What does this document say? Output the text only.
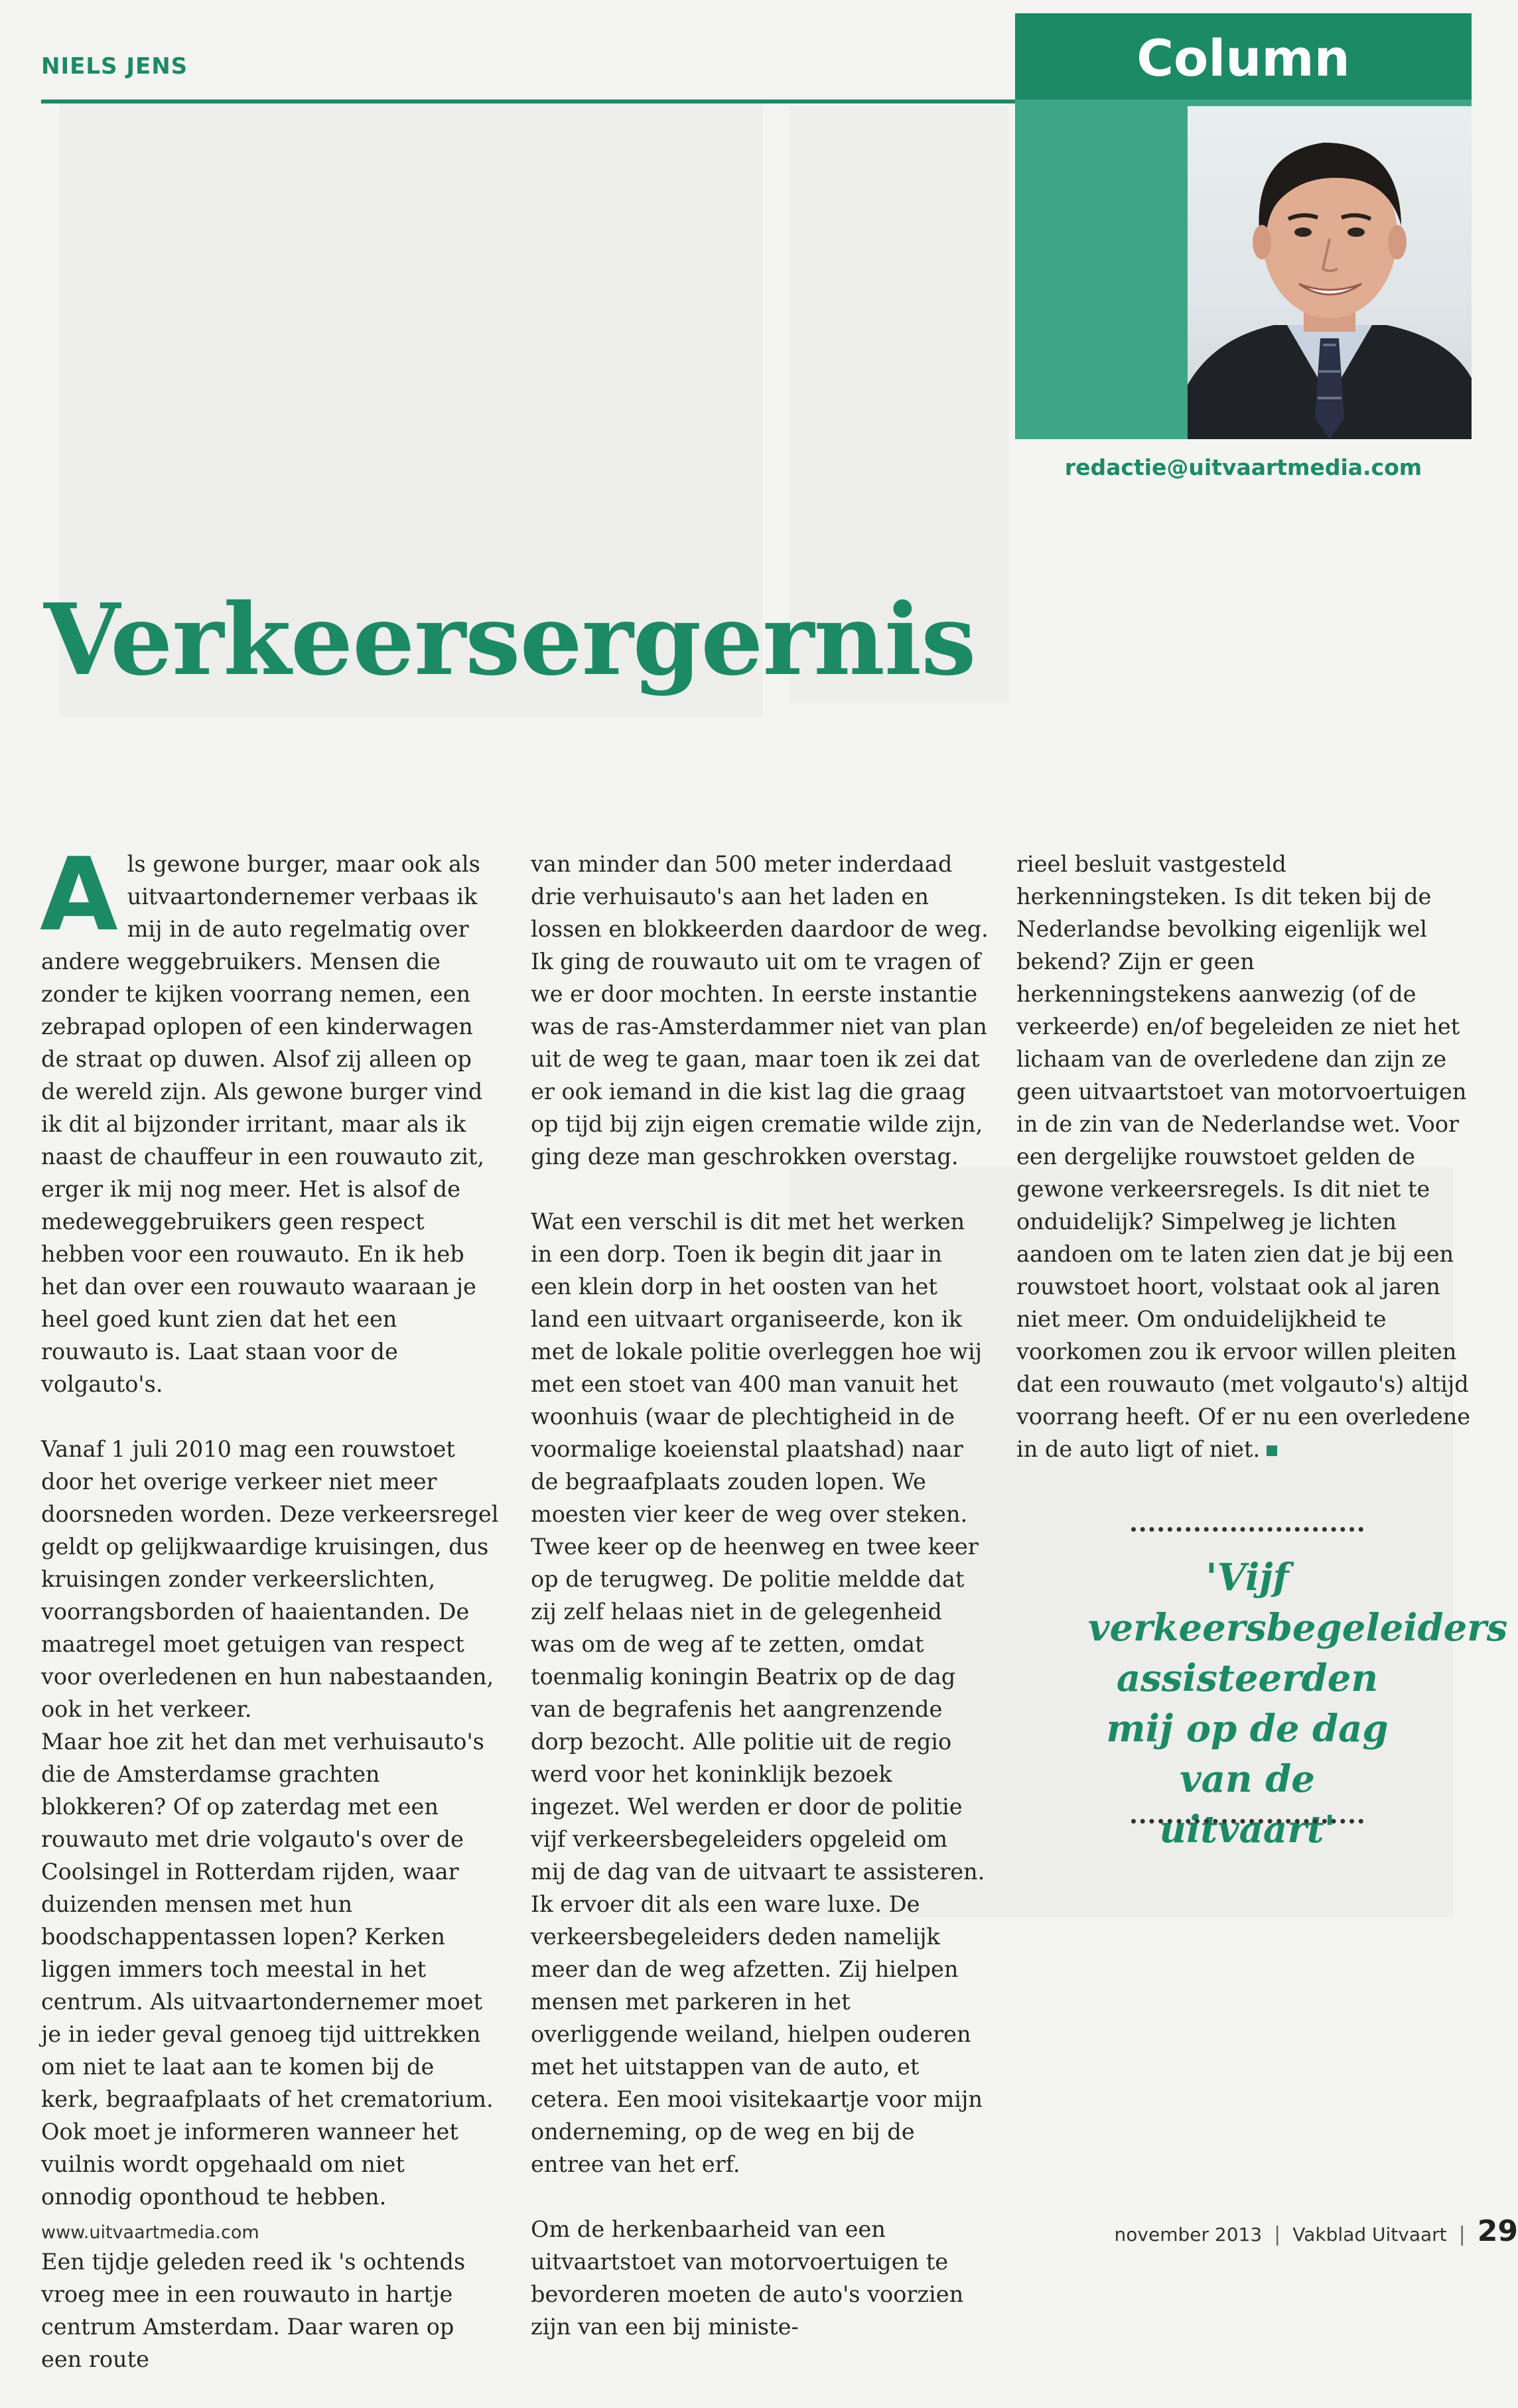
NIELS JENS	Column
redactie@uitvaartmedia.com
Verkeersergernis

A ls gewone burger, maar ook als uitvaartondernemer verbaas ik mij in de auto regelmatig over andere weggebruikers. Mensen die zonder te kijken voorrang nemen, een zebrapad oplopen of een kinderwagen de straat op duwen. Alsof zij alleen op de wereld zijn. Als gewone burger vind ik dit al bijzonder irritant, maar als ik naast de chauffeur in een rouwauto zit, erger ik mij nog meer. Het is alsof de medeweggebruikers geen respect hebben voor een rouwauto. En ik heb het dan over een rouwauto waaraan je heel goed kunt zien dat het een rouwauto is. Laat staan voor de volgauto's.

Vanaf 1 juli 2010 mag een rouwstoet door het overige verkeer niet meer doorsneden worden. Deze verkeersregel geldt op gelijkwaardige kruisingen, dus kruisingen zonder verkeerslichten, voorrangsborden of haaientanden. De maatregel moet getuigen van respect voor overledenen en hun nabestaanden, ook in het verkeer.

Maar hoe zit het dan met verhuisauto's die de Amsterdamse grachten blokkeren? Of op zaterdag met een rouwauto met drie volgauto's over de Coolsingel in Rotterdam rijden, waar duizenden mensen met hun boodschappentassen lopen? Kerken liggen immers toch meestal in het centrum. Als uitvaartondernemer moet je in ieder geval genoeg tijd uittrekken om niet te laat aan te komen bij de kerk, begraafplaats of het crematorium. Ook moet je informeren wanneer het vuilnis wordt opgehaald om niet onnodig oponthoud te hebben.

Een tijdje geleden reed ik 's ochtends vroeg mee in een rouwauto in hartje centrum Amsterdam. Daar waren op een route

van minder dan 500 meter inderdaad drie verhuisauto's aan het laden en lossen en blokkeerden daardoor de weg. Ik ging de rouwauto uit om te vragen of we er door mochten. In eerste instantie was de ras-Amsterdammer niet van plan uit de weg te gaan, maar toen ik zei dat er ook iemand in die kist lag die graag op tijd bij zijn eigen crematie wilde zijn, ging deze man geschrokken overstag.

Wat een verschil is dit met het werken in een dorp. Toen ik begin dit jaar in een klein dorp in het oosten van het land een uitvaart organiseerde, kon ik met de lokale politie overleggen hoe wij met een stoet van 400 man vanuit het woonhuis (waar de plechtigheid in de voormalige koeienstal plaatshad) naar de begraafplaats zouden lopen. We moesten vier keer de weg over steken. Twee keer op de heenweg en twee keer op de terugweg. De politie meldde dat zij zelf helaas niet in de gelegenheid was om de weg af te zetten, omdat toenmalig koningin Beatrix op de dag van de begrafenis het aangrenzende dorp bezocht. Alle politie uit de regio werd voor het koninklijk bezoek ingezet. Wel werden er door de politie vijf verkeersbegeleiders opgeleid om mij de dag van de uitvaart te assisteren. Ik ervoer dit als een ware luxe. De verkeersbegeleiders deden namelijk meer dan de weg afzetten. Zij hielpen mensen met parkeren in het overliggende weiland, hielpen ouderen met het uitstappen van de auto, et cetera. Een mooi visitekaartje voor mijn onderneming, op de weg en bij de entree van het erf.

Om de herkenbaarheid van een uitvaartstoet van motorvoertuigen te bevorderen moeten de auto's voorzien zijn van een bij ministe-

rieel besluit vastgesteld herkenningsteken. Is dit teken bij de Nederlandse bevolking eigenlijk wel bekend? Zijn er geen herkenningstekens aanwezig (of de verkeerde) en/of begeleiden ze niet het lichaam van de overledene dan zijn ze geen uitvaartstoet van motorvoertuigen in de zin van de Nederlandse wet. Voor een dergelijke rouwstoet gelden de gewone verkeersregels. Is dit niet te onduidelijk? Simpelweg je lichten aandoen om te laten zien dat je bij een rouwstoet hoort, volstaat ook al jaren niet meer. Om onduidelijkheid te voorkomen zou ik ervoor willen pleiten dat een rouwauto (met volgauto's) altijd voorrang heeft. Of er nu een overledene in de auto ligt of niet.

'Vijf verkeersbegeleiders assisteerden mij op de dag van de uitvaart'
www.uitvaartmedia.com	november 2013 | Vakblad Uitvaart | 29
